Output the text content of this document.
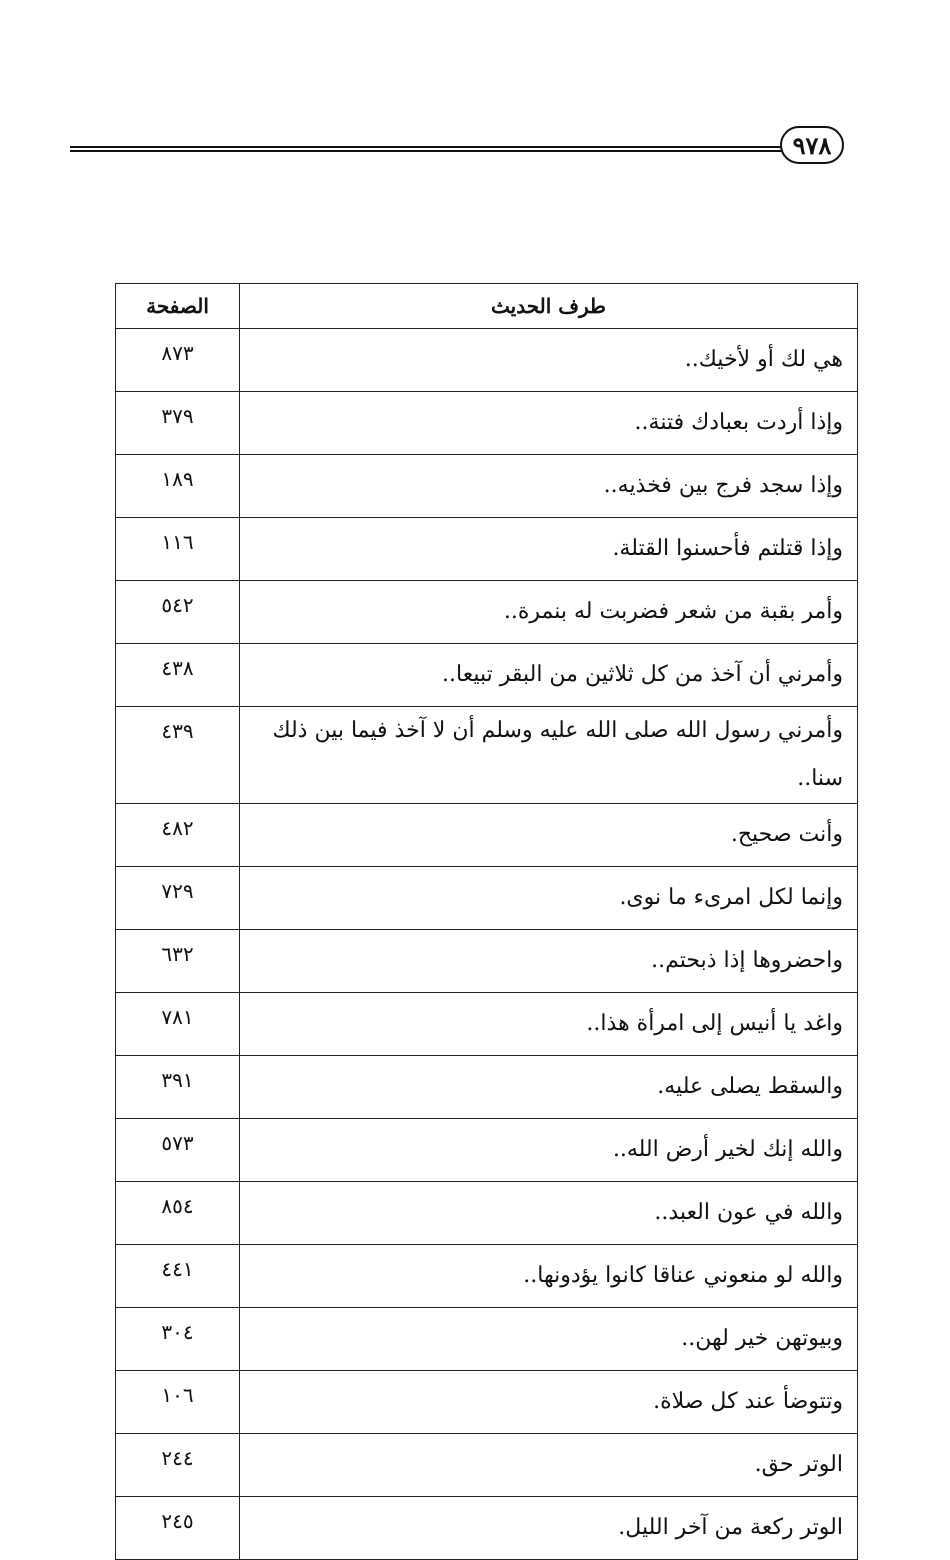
٩٧٨
طرف الحديث	الصفحة
هي لك أو لأخيك..	٨٧٣
وإذا أردت بعبادك فتنة..	٣٧٩
وإذا سجد فرج بين فخذيه..	١٨٩
وإذا قتلتم فأحسنوا القتلة.	١١٦
وأمر بقبة من شعر فضربت له بنمرة..	٥٤٢
وأمرني أن آخذ من كل ثلاثين من البقر تبيعا..	٤٣٨
وأمرني رسول الله صلى الله عليه وسلم أن لا آخذ فيما بين ذلك سنا..	٤٣٩
وأنت صحيح.	٤٨٢
وإنما لكل امرىء ما نوى.	٧٢٩
واحضروها إذا ذبحتم..	٦٣٢
واغد يا أنيس إلى امرأة هذا..	٧٨١
والسقط يصلى عليه.	٣٩١
والله إنك لخير أرض الله..	٥٧٣
والله في عون العبد..	٨٥٤
والله لو منعوني عناقا كانوا يؤدونها..	٤٤١
وبيوتهن خير لهن..	٣٠٤
وتتوضأ عند كل صلاة.	١٠٦
الوتر حق.	٢٤٤
الوتر ركعة من آخر الليل.	٢٤٥
